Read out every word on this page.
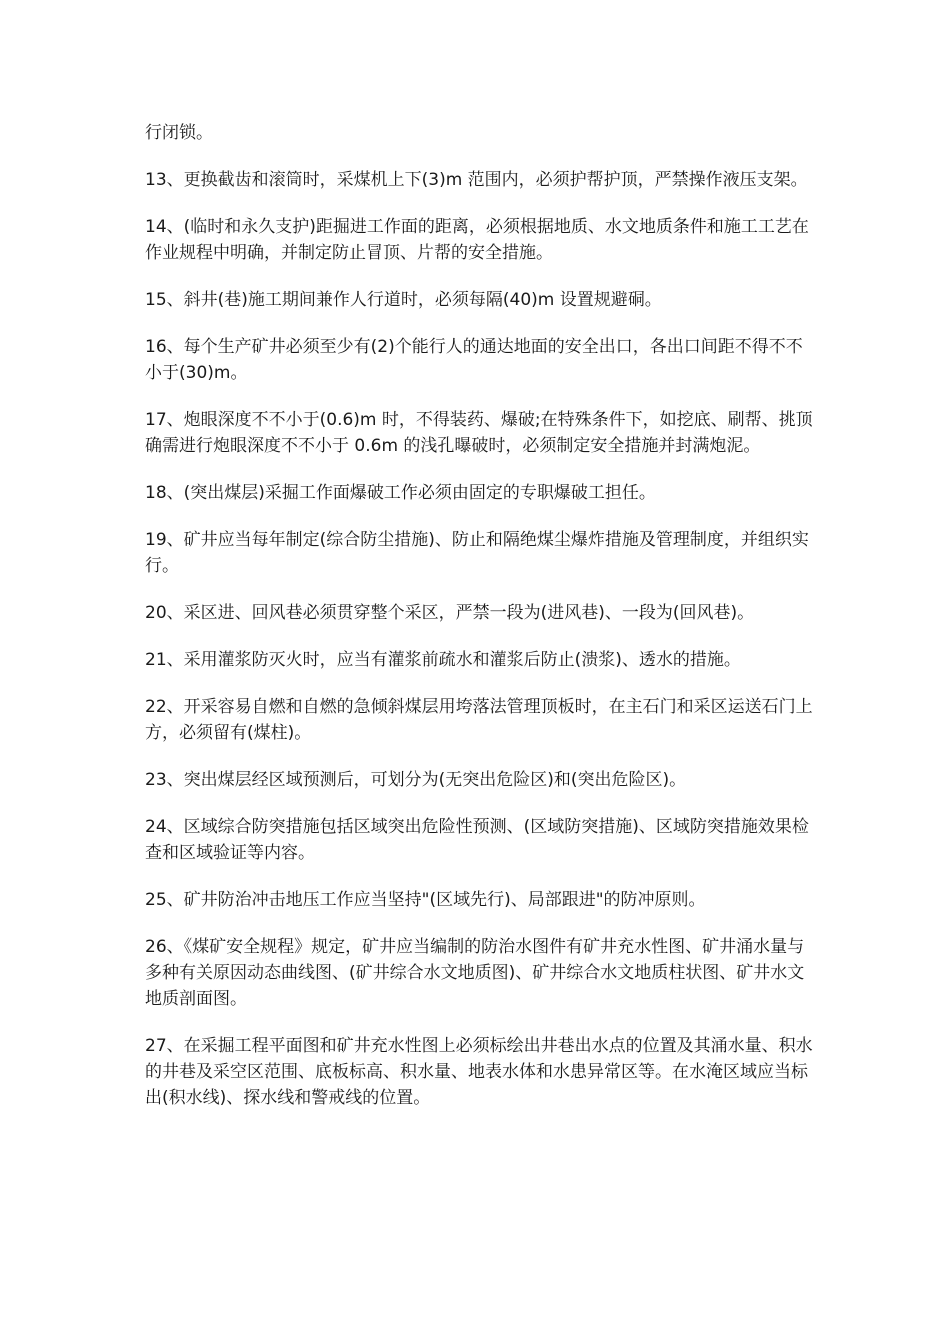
行闭锁。

13、更换截齿和滚筒时，采煤机上下(3)m 范围内，必须护帮护顶，严禁操作液压支架。

14、(临时和永久支护)距掘进工作面的距离，必须根据地质、水文地质条件和施工工艺在作业规程中明确，并制定防止冒顶、片帮的安全措施。

15、斜井(巷)施工期间兼作人行道时，必须每隔(40)m 设置规避硐。

16、每个生产矿井必须至少有(2)个能行人的通达地面的安全出口，各出口间距不得不不小于(30)m。

17、炮眼深度不不小于(0.6)m 时，不得装药、爆破;在特殊条件下，如挖底、刷帮、挑顶确需进行炮眼深度不不小于 0.6m 的浅孔曝破时，必须制定安全措施并封满炮泥。

18、(突出煤层)采掘工作面爆破工作必须由固定的专职爆破工担任。

19、矿井应当每年制定(综合防尘措施)、防止和隔绝煤尘爆炸措施及管理制度，并组织实行。

20、采区进、回风巷必须贯穿整个采区，严禁一段为(进风巷)、一段为(回风巷)。

21、采用灌浆防灭火时，应当有灌浆前疏水和灌浆后防止(溃浆)、透水的措施。

22、开采容易自燃和自燃的急倾斜煤层用垮落法管理顶板时，在主石门和采区运送石门上方，必须留有(煤柱)。

23、突出煤层经区域预测后，可划分为(无突出危险区)和(突出危险区)。

24、区域综合防突措施包括区域突出危险性预测、(区域防突措施)、区域防突措施效果检查和区域验证等内容。

25、矿井防治冲击地压工作应当坚持"(区域先行)、局部跟进"的防冲原则。

26、《煤矿安全规程》规定，矿井应当编制的防治水图件有矿井充水性图、矿井涌水量与多种有关原因动态曲线图、(矿井综合水文地质图)、矿井综合水文地质柱状图、矿井水文地质剖面图。

27、在采掘工程平面图和矿井充水性图上必须标绘出井巷出水点的位置及其涌水量、积水的井巷及采空区范围、底板标高、积水量、地表水体和水患异常区等。在水淹区域应当标出(积水线)、探水线和警戒线的位置。
